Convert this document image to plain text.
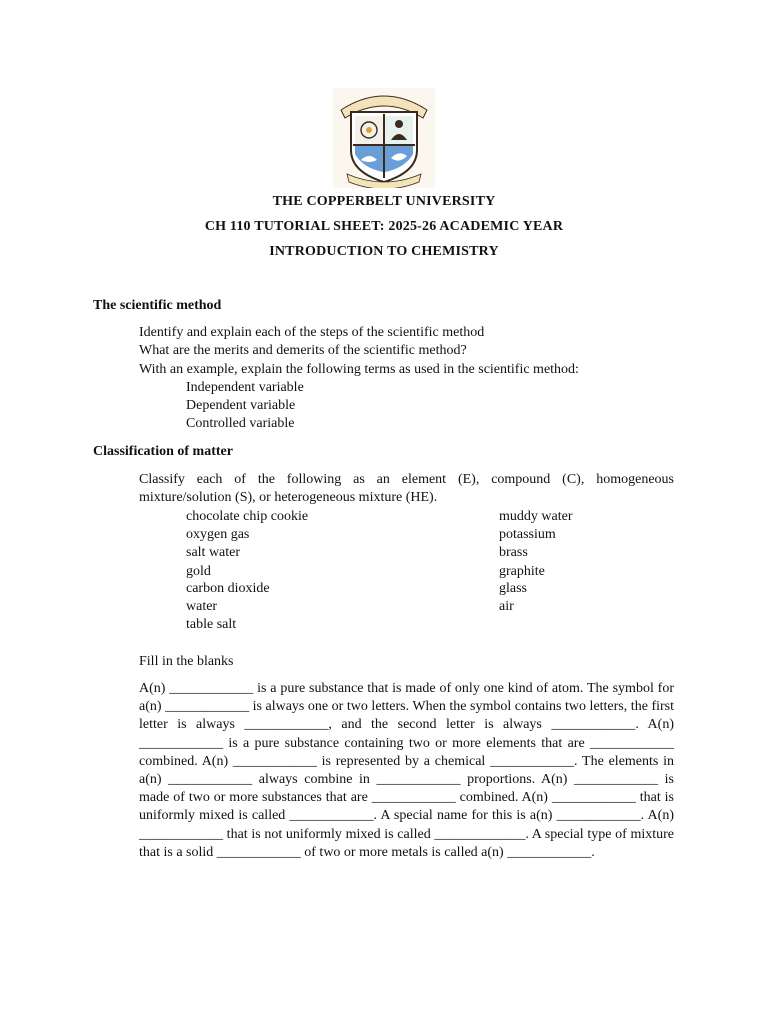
THE COPPERBELT UNIVERSITY
CH 110 TUTORIAL SHEET: 2025-26 ACADEMIC YEAR
INTRODUCTION TO CHEMISTRY
The scientific method
Identify and explain each of the steps of the scientific method
What are the merits and demerits of the scientific method?
With an example, explain the following terms as used in the scientific method:
Independent variable
Dependent variable
Controlled variable
Classification of matter
Classify each of the following as an element (E), compound (C), homogeneous
mixture/solution (S), or heterogeneous mixture (HE).
chocolate chip cookie
oxygen gas
salt water
gold
carbon dioxide
water
table salt
muddy water
potassium
brass
graphite
glass
air
Fill in the blanks
A(n) ____________ is a pure substance that is made of only one kind of atom. The symbol for a(n) ____________ is always one or two letters. When the symbol contains two letters, the first letter is always ____________, and the second letter is always ____________. A(n) ____________ is a pure substance containing two or more elements that are ____________ combined. A(n) ____________ is represented by a chemical ____________. The elements in a(n) ____________ always combine in ____________ proportions. A(n) ____________ is made of two or more substances that are ____________ combined. A(n) ____________ that is uniformly mixed is called ____________. A special name for this is a(n) ____________. A(n) ____________ that is not uniformly mixed is called _____________. A special type of mixture that is a solid ____________ of two or more metals is called a(n) ____________.
